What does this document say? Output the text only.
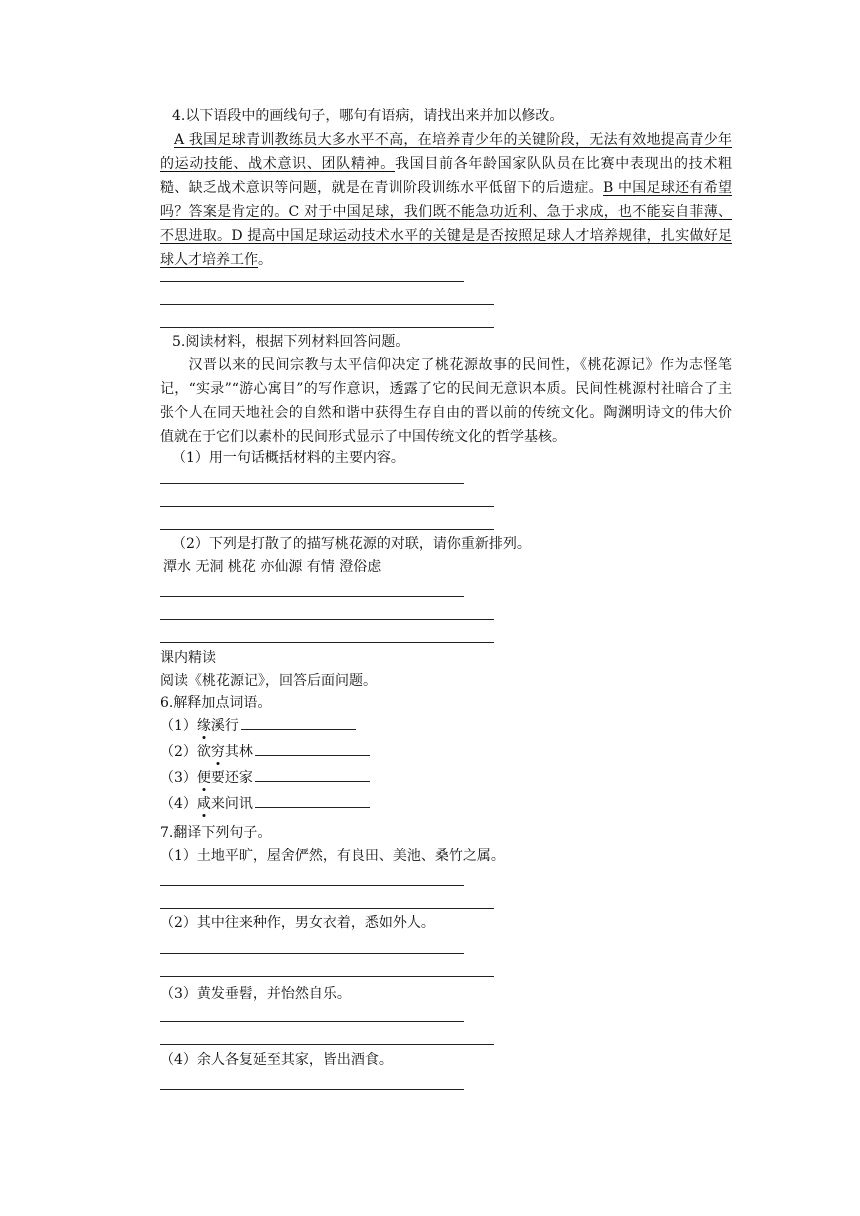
4.以下语段中的画线句子，哪句有语病，请找出来并加以修改。
 A 我国足球青训教练员大多水平不高，在培养青少年的关键阶段，无法有效地提高青少年的运动技能、战术意识、团队精神。我国目前各年龄国家队队员在比赛中表现出的技术粗糙、缺乏战术意识等问题，就是在青训阶段训练水平低留下的后遗症。B 中国足球还有希望吗？答案是肯定的。C 对于中国足球，我们既不能急功近利、急于求成，也不能妄自菲薄、不思进取。D 提高中国足球运动技术水平的关键是是否按照足球人才培养规律，扎实做好足球人才培养工作。
5.阅读材料，根据下列材料回答问题。
  汉晋以来的民间宗教与太平信仰决定了桃花源故事的民间性，《桃花源记》作为志怪笔记，“实录”“游心寓目”的写作意识，透露了它的民间无意识本质。民间性桃源村社暗合了主张个人在同天地社会的自然和谐中获得生存自由的晋以前的传统文化。陶渊明诗文的伟大价值就在于它们以素朴的民间形式显示了中国传统文化的哲学基核。
（1）用一句话概括材料的主要内容。
（2）下列是打散了的描写桃花源的对联，请你重新排列。
潭水 无洞 桃花 亦仙源 有情 澄俗虑
课内精读
阅读《桃花源记》，回答后面问题。
6.解释加点词语。
（1）缘溪行
（2）欲穷其林
（3）便要还家
（4）咸来问讯
7.翻译下列句子。
（1）土地平旷，屋舍俨然，有良田、美池、桑竹之属。
（2）其中往来种作，男女衣着，悉如外人。
（3）黄发垂髫，并怡然自乐。
（4）余人各复延至其家，皆出酒食。
